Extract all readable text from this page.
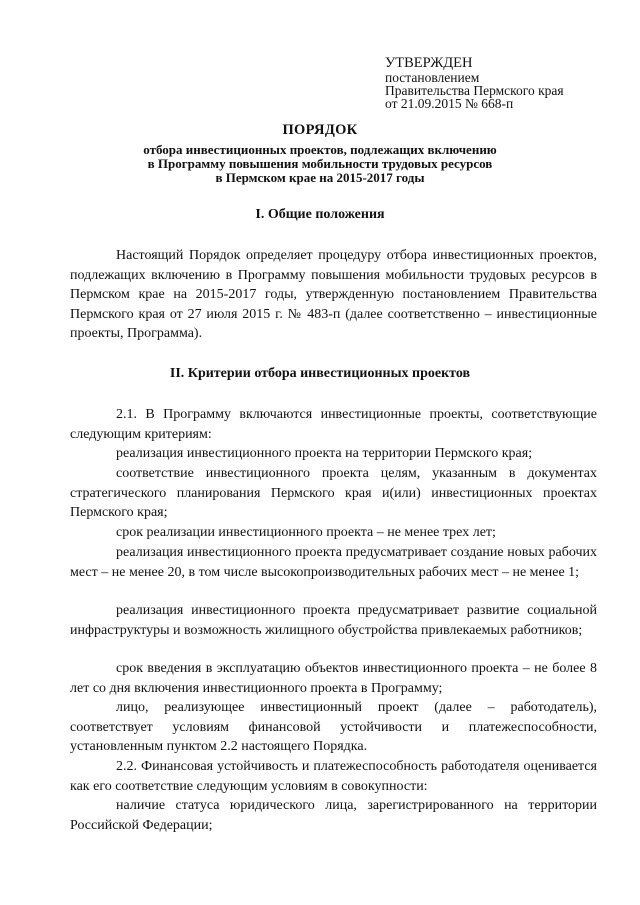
УТВЕРЖДЕН
постановлением
Правительства Пермского края
от 21.09.2015 № 668-п
ПОРЯДОК
отбора инвестиционных проектов, подлежащих включению
в Программу повышения мобильности трудовых ресурсов
в Пермском крае на 2015-2017 годы
I. Общие положения

Настоящий Порядок определяет процедуру отбора инвестиционных проектов, подлежащих включению в Программу повышения мобильности трудовых ресурсов в Пермском крае на 2015-2017 годы, утвержденную постановлением Правительства Пермского края от 27 июля 2015 г. № 483-п (далее соответственно – инвестиционные проекты, Программа).

II. Критерии отбора инвестиционных проектов

2.1. В Программу включаются инвестиционные проекты, соответствующие следующим критериям:

реализация инвестиционного проекта на территории Пермского края;

соответствие инвестиционного проекта целям, указанным в документах стратегического планирования Пермского края и(или) инвестиционных проектах Пермского края;

срок реализации инвестиционного проекта – не менее трех лет;

реализация инвестиционного проекта предусматривает создание новых рабочих мест – не менее 20, в том числе высокопроизводительных рабочих мест – не менее 1;

реализация инвестиционного проекта предусматривает развитие социальной инфраструктуры и возможность жилищного обустройства привлекаемых работников;

срок введения в эксплуатацию объектов инвестиционного проекта – не более 8 лет со дня включения инвестиционного проекта в Программу;

лицо, реализующее инвестиционный проект (далее – работодатель), соответствует условиям финансовой устойчивости и платежеспособности, установленным пунктом 2.2 настоящего Порядка.

2.2. Финансовая устойчивость и платежеспособность работодателя оценивается как его соответствие следующим условиям в совокупности:

наличие статуса юридического лица, зарегистрированного на территории Российской Федерации;
